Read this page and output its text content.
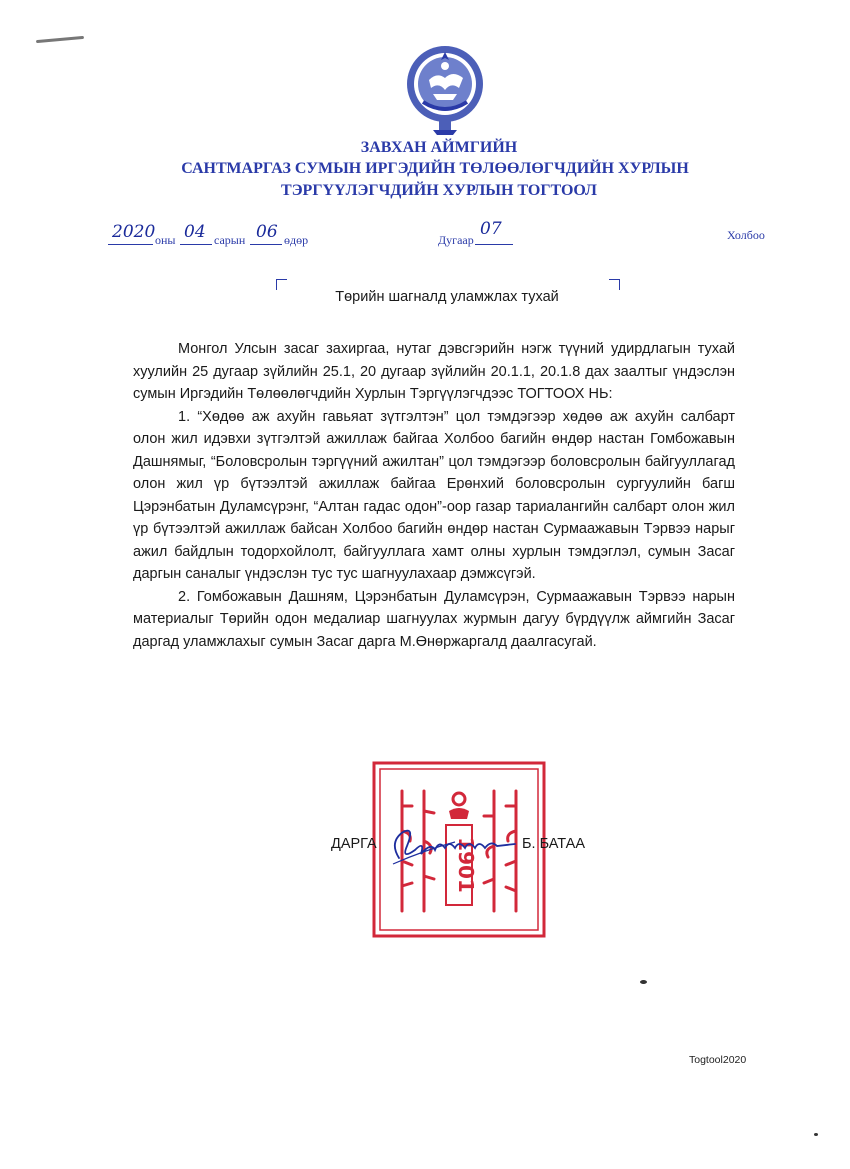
ЗАВХАН АЙМГИЙН
САНТМАРГАЗ СУМЫН ИРГЭДИЙН ТӨЛӨӨЛӨГЧДИЙН ХУРЛЫН
ТЭРГҮҮЛЭГЧДИЙН ХУРЛЫН ТОГТООЛ
2020 оны 04 сарын 06 өдөр	Дугаар
07	Холбоо
Төрийн шагналд уламжлах тухай

Монгол Улсын засаг захиргаа, нутаг дэвсгэрийн нэгж түүний удирдлагын тухай хуулийн 25 дугаар зүйлийн 25.1, 20 дугаар зүйлийн 20.1.1, 20.1.8 дах заалтыг үндэслэн сумын Иргэдийн Төлөөлөгчдийн Хурлын Тэргүүлэгчдээс ТОГТООХ НЬ:

1. “Хөдөө аж ахуйн гавьяат зүтгэлтэн” цол тэмдэгээр хөдөө аж ахуйн салбарт олон жил идэвхи зүтгэлтэй ажиллаж байгаа Холбоо багийн өндөр настан Гомбожавын Дашнямыг, “Боловсролын тэргүүний ажилтан” цол тэмдэгээр боловсролын байгууллагад олон жил үр бүтээлтэй ажиллаж байгаа Ерөнхий боловсролын сургуулийн багш Цэрэнбатын Дуламсүрэнг, “Алтан гадас одон”-оор газар тариалангийн салбарт олон жил үр бүтээлтэй ажиллаж байсан Холбоо багийн өндөр настан Сурмаажавын Тэрвээ нарыг ажил байдлын тодорхойлолт, байгууллага хамт олны хурлын тэмдэглэл, сумын Засаг даргын саналыг үндэслэн тус тус шагнуулахаар дэмжсүгэй.

2. Гомбожавын Дашням, Цэрэнбатын Дуламсүрэн, Сурмаажавын Тэрвээ нарын материалыг Төрийн одон медалиар шагнуулах журмын дагуу бүрдүүлж аймгийн Засаг даргад уламжлахыг сумын Засаг дарга М.Өнөржаргалд даалгасугай.

1901
ДАРГА	Б. БАТАА
Togtool2020
